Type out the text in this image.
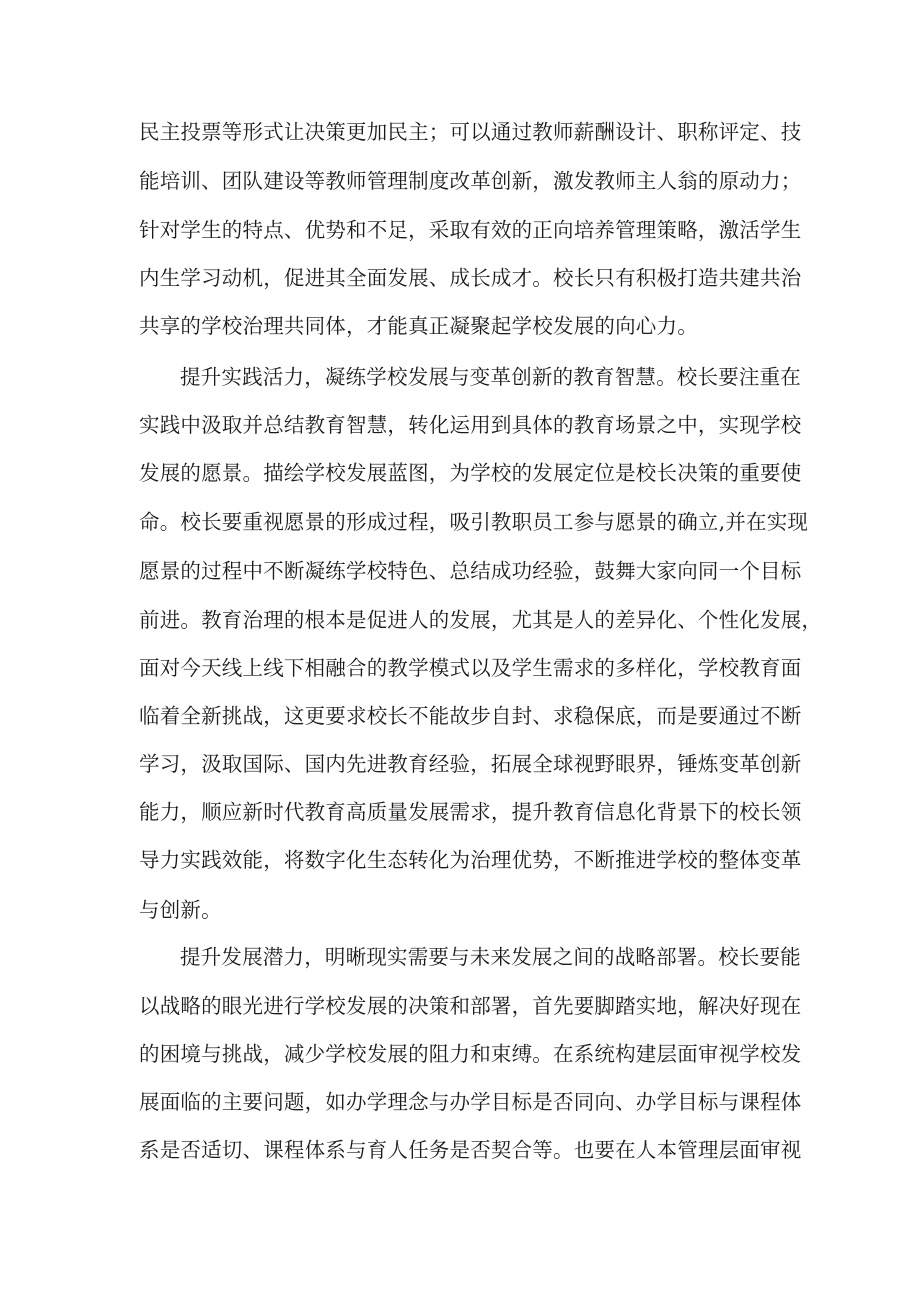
民主投票等形式让决策更加民主；可以通过教师薪酬设计、职称评定、技
能培训、团队建设等教师管理制度改革创新，激发教师主人翁的原动力；
针对学生的特点、优势和不足，采取有效的正向培养管理策略，激活学生
内生学习动机，促进其全面发展、成长成才。校长只有积极打造共建共治
共享的学校治理共同体，才能真正凝聚起学校发展的向心力。
提升实践活力，凝练学校发展与变革创新的教育智慧。校长要注重在
实践中汲取并总结教育智慧，转化运用到具体的教育场景之中，实现学校
发展的愿景。描绘学校发展蓝图，为学校的发展定位是校长决策的重要使
命。校长要重视愿景的形成过程，吸引教职员工参与愿景的确立,并在实现
愿景的过程中不断凝练学校特色、总结成功经验，鼓舞大家向同一个目标
前进。教育治理的根本是促进人的发展，尤其是人的差异化、个性化发展，
面对今天线上线下相融合的教学模式以及学生需求的多样化，学校教育面
临着全新挑战，这更要求校长不能故步自封、求稳保底，而是要通过不断
学习，汲取国际、国内先进教育经验，拓展全球视野眼界，锤炼变革创新
能力，顺应新时代教育高质量发展需求，提升教育信息化背景下的校长领
导力实践效能，将数字化生态转化为治理优势，不断推进学校的整体变革
与创新。
提升发展潜力，明晰现实需要与未来发展之间的战略部署。校长要能
以战略的眼光进行学校发展的决策和部署，首先要脚踏实地，解决好现在
的困境与挑战，减少学校发展的阻力和束缚。在系统构建层面审视学校发
展面临的主要问题，如办学理念与办学目标是否同向、办学目标与课程体
系是否适切、课程体系与育人任务是否契合等。也要在人本管理层面审视
